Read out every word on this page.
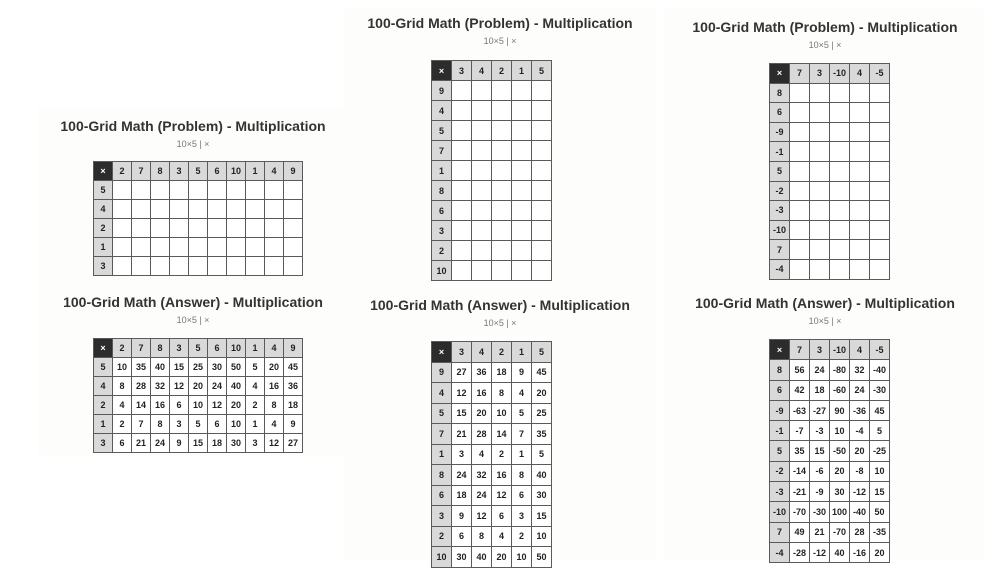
100-Grid Math (Problem) - Multiplication
10×5 | ×
×	2	7	8	3	5	6	10	1	4	9
5										
4										
2										
1										
3										
100-Grid Math (Answer) - Multiplication
10×5 | ×
×	2	7	8	3	5	6	10	1	4	9
5	10	35	40	15	25	30	50	5	20	45
4	8	28	32	12	20	24	40	4	16	36
2	4	14	16	6	10	12	20	2	8	18
1	2	7	8	3	5	6	10	1	4	9
3	6	21	24	9	15	18	30	3	12	27
100-Grid Math (Problem) - Multiplication
10×5 | ×
×	3	4	2	1	5
9					
4					
5					
7					
1					
8					
6					
3					
2					
10					
100-Grid Math (Answer) - Multiplication
10×5 | ×
×	3	4	2	1	5
9	27	36	18	9	45
4	12	16	8	4	20
5	15	20	10	5	25
7	21	28	14	7	35
1	3	4	2	1	5
8	24	32	16	8	40
6	18	24	12	6	30
3	9	12	6	3	15
2	6	8	4	2	10
10	30	40	20	10	50
100-Grid Math (Problem) - Multiplication
10×5 | ×
×	7	3	-10	4	-5
8					
6					
-9					
-1					
5					
-2					
-3					
-10					
7					
-4					
100-Grid Math (Answer) - Multiplication
10×5 | ×
×	7	3	-10	4	-5
8	56	24	-80	32	-40
6	42	18	-60	24	-30
-9	-63	-27	90	-36	45
-1	-7	-3	10	-4	5
5	35	15	-50	20	-25
-2	-14	-6	20	-8	10
-3	-21	-9	30	-12	15
-10	-70	-30	100	-40	50
7	49	21	-70	28	-35
-4	-28	-12	40	-16	20
